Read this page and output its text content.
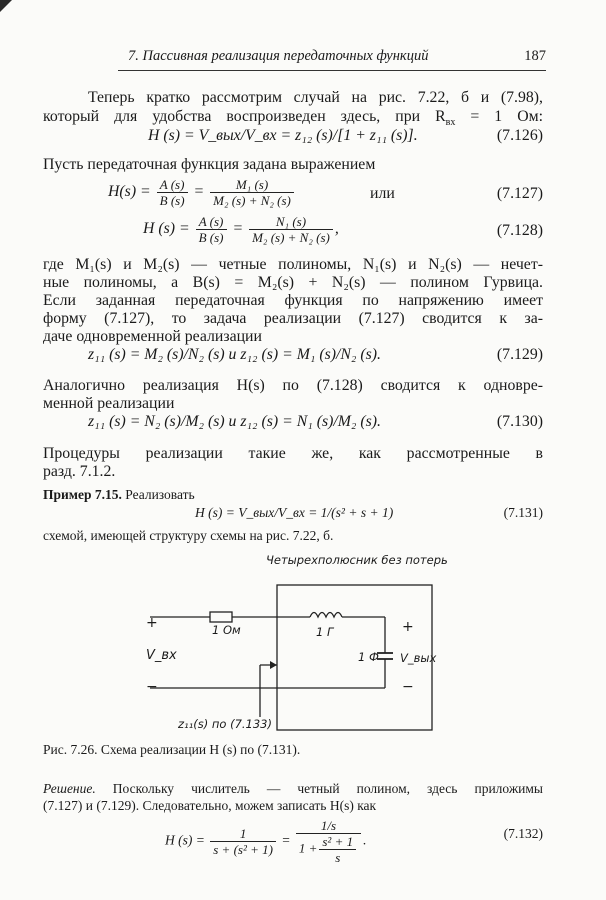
7. Пассивная реализация передаточных функций	187
Теперь кратко рассмотрим случай на рис. 7.22, б и (7.98),
который для удобства воспроизведен здесь, при $R_{вх} = 1$ Ом:
H (s) = V_вых/V_вх = z₁₂ (s)/[1 + z₁₁ (s)].	(7.126)
Пусть передаточная функция задана выражением
$H(s) = \frac{A (s)}{B (s)} = \frac{\text{M₁ (s)}}{\text{M₂ (s) + N₂ (s)}}$	или	(7.127)
H $(s) = \frac{A (s)}{B (s)} = \frac{\text{N₁ (s)}}{\text{M₂ (s) + N₂ (s)}}$ ,	(7.128)
где M₁(s) и M₂(s) — четные полиномы, N₁(s) и N₂(s) — нечет-
ные полиномы, а B(s) = M₂(s) + N₂(s) — полином Гурвица.
Если заданная передаточная функция по напряжению имеет
форму (7.127), то задача реализации (7.127) сводится к за-
даче одновременной реализации
z₁₁ (s) = M₂ (s)/N₂ (s) и z₁₂ (s) = M₁ (s)/N₂ (s).	(7.129)
Аналогично реализация H(s) по (7.128) сводится к одновре-
менной реализации
z₁₁ (s) = N₂ (s)/M₂ (s) и z₁₂ (s) = N₁ (s)/M₂ (s).	(7.130)
Процедуры реализации такие же, как рассмотренные в
разд. 7.1.2.
Пример 7.15. Реализовать
H (s) = V_вых/V_вх = 1/(s² + s + 1)	(7.131)
схемой, имеющей структуру схемы на рис. 7.22, б.
Четырехполюсник без потерь
1 Ом	1 Г
1 Ф V_вых
V_вх
+
−
+
−
z₁₁(s) по (7.133)
Рис. 7.26. Схема реализации H (s) по (7.131).
Решение. Поскольку числитель — четный полином, здесь приложимы
(7.127) и (7.129). Следовательно, можем записать H(s) как
H $(s) = \frac{1}{\text{s + (s² + 1)}} = \frac{1/s}{1 + \frac{\text{s² + 1}}{s}}$ .	(7.132)
